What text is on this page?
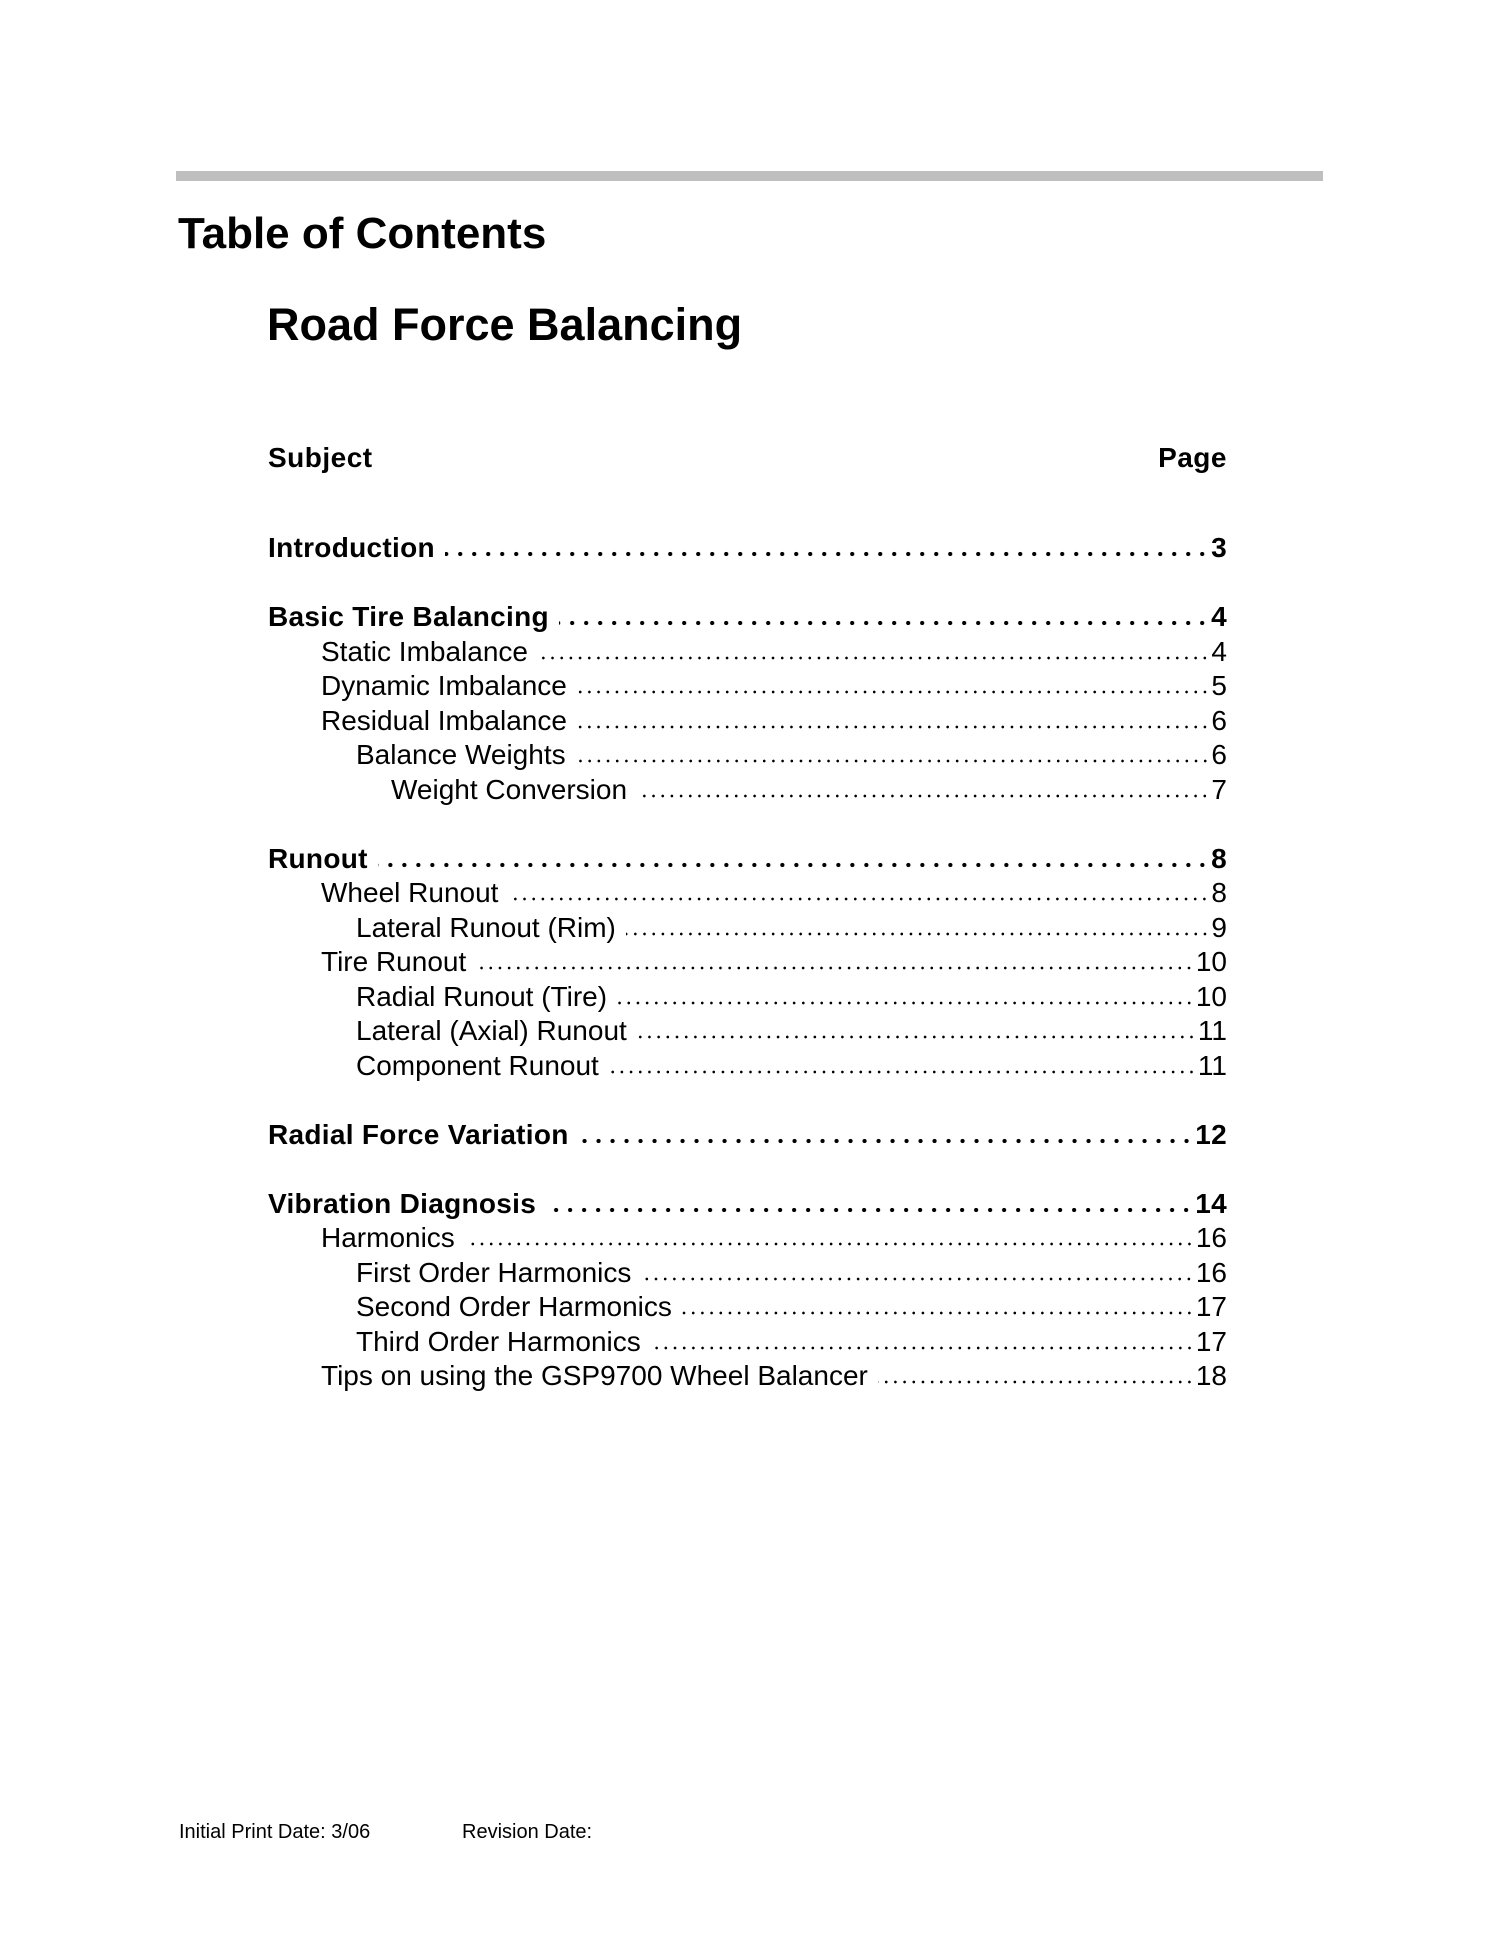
Table of Contents
Road Force Balancing
Subject	Page
Introduction	3
Basic Tire Balancing	4
Static Imbalance	4
Dynamic Imbalance	5
Residual Imbalance	6
Balance Weights	6
Weight Conversion	7
Runout	8
Wheel Runout	8
Lateral Runout (Rim)	9
Tire Runout	10
Radial Runout (Tire)	10
Lateral (Axial) Runout	11
Component Runout	11
Radial Force Variation	12
Vibration Diagnosis	14
Harmonics	16
First Order Harmonics	16
Second Order Harmonics	17
Third Order Harmonics	17
Tips on using the GSP9700 Wheel Balancer	18
Initial Print Date: 3/06	Revision Date:
